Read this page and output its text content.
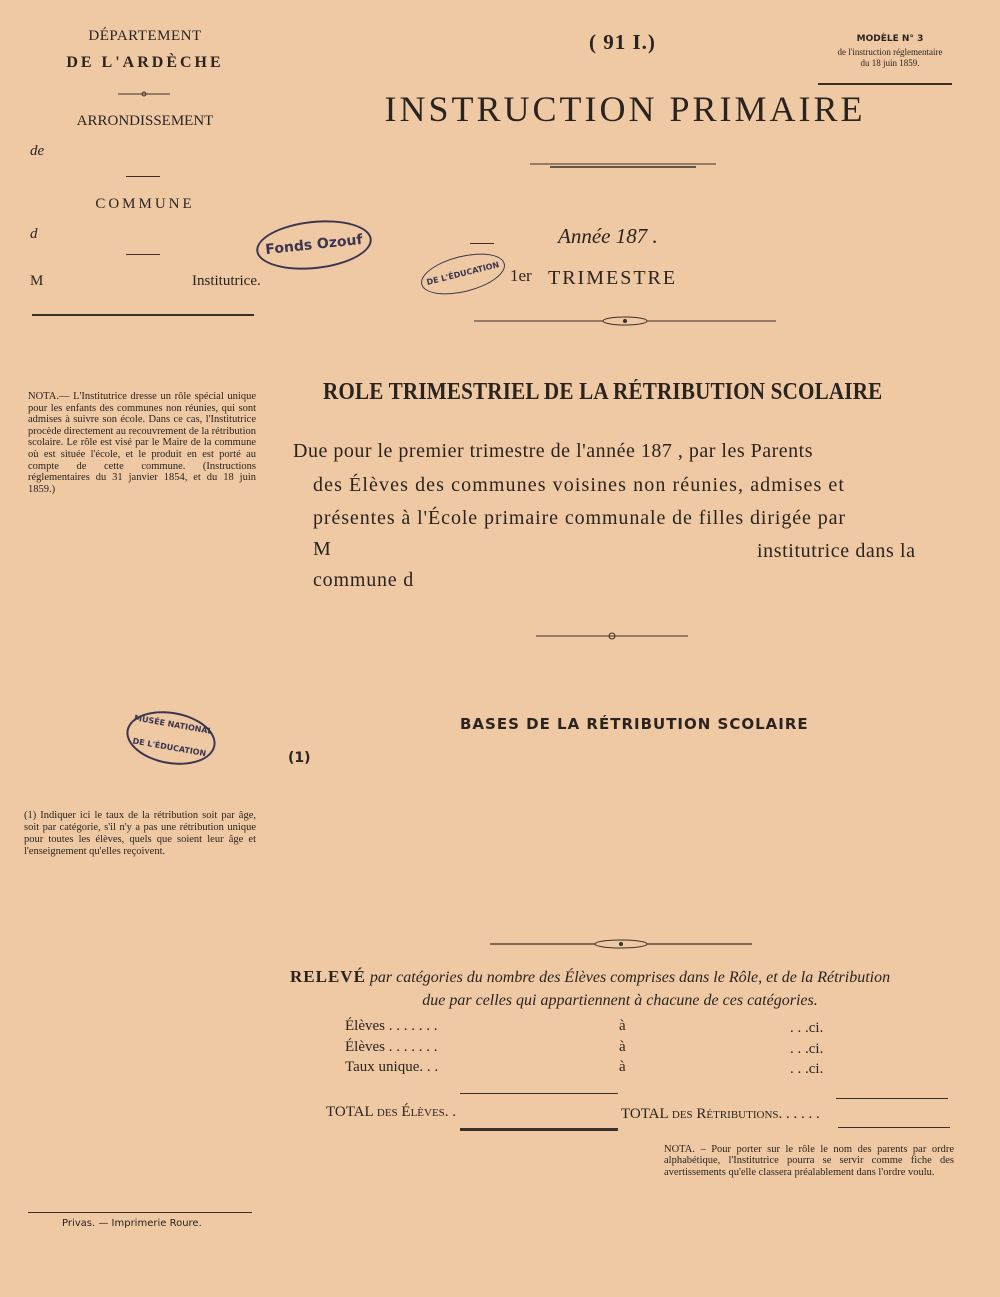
DÉPARTEMENT
DE L'ARDÈCHE
ARRONDISSEMENT
de
COMMUNE
d
M	Institutrice.
( 91 I.)	MODÈLE N° 3
de l'instruction réglementaire
du 18 juin 1859.
INSTRUCTION PRIMAIRE
Fonds Ozouf	Année 187 .
DE L'ÉDUCATION 1er TRIMESTRE
NOTA.— L'Institutrice dresse un rôle spécial unique pour les enfants des communes non réunies, qui sont admises à suivre son école. Dans ce cas, l'Institutrice procède directement au recouvrement de la rétribution scolaire. Le rôle est visé par le Maire de la commune où est située l'école, et le produit en est porté au compte de cette commune. (Instructions réglementaires du 31 janvier 1854, et du 18 juin 1859.)
ROLE TRIMESTRIEL DE LA RÉTRIBUTION SCOLAIRE
Due pour le premier trimestre de l'année 187 , par les Parents
des Élèves des communes voisines non réunies, admises et
présentes à l'École primaire communale de filles dirigée par
M	institutrice dans la
commune d
MUSÉE NATIONAL
DE L'ÉDUCATION
BASES DE LA RÉTRIBUTION SCOLAIRE
(1)
(1) Indiquer ici le taux de la rétribution soit par âge, soit par catégorie, s'il n'y a pas une rétribution unique pour toutes les élèves, quels que soient leur âge et l'enseignement qu'elles reçoivent.
RELEVÉ par catégories du nombre des Élèves comprises dans le Rôle, et de la Rétribution
due par celles qui appartiennent à chacune de ces catégories.
Élèves . . . . . . .	à	. . .ci.
Élèves . . . . . . .	à	. . .ci.
Taux unique. . .	à	. . .ci.
TOTAL des Élèves. .	TOTAL des Rétributions. . . . . .
NOTA. – Pour porter sur le rôle le nom des parents par ordre alphabétique, l'Institutrice pourra se servir comme fiche des avertissements qu'elle classera préalablement dans l'ordre voulu.
Privas. — Imprimerie Roure.
